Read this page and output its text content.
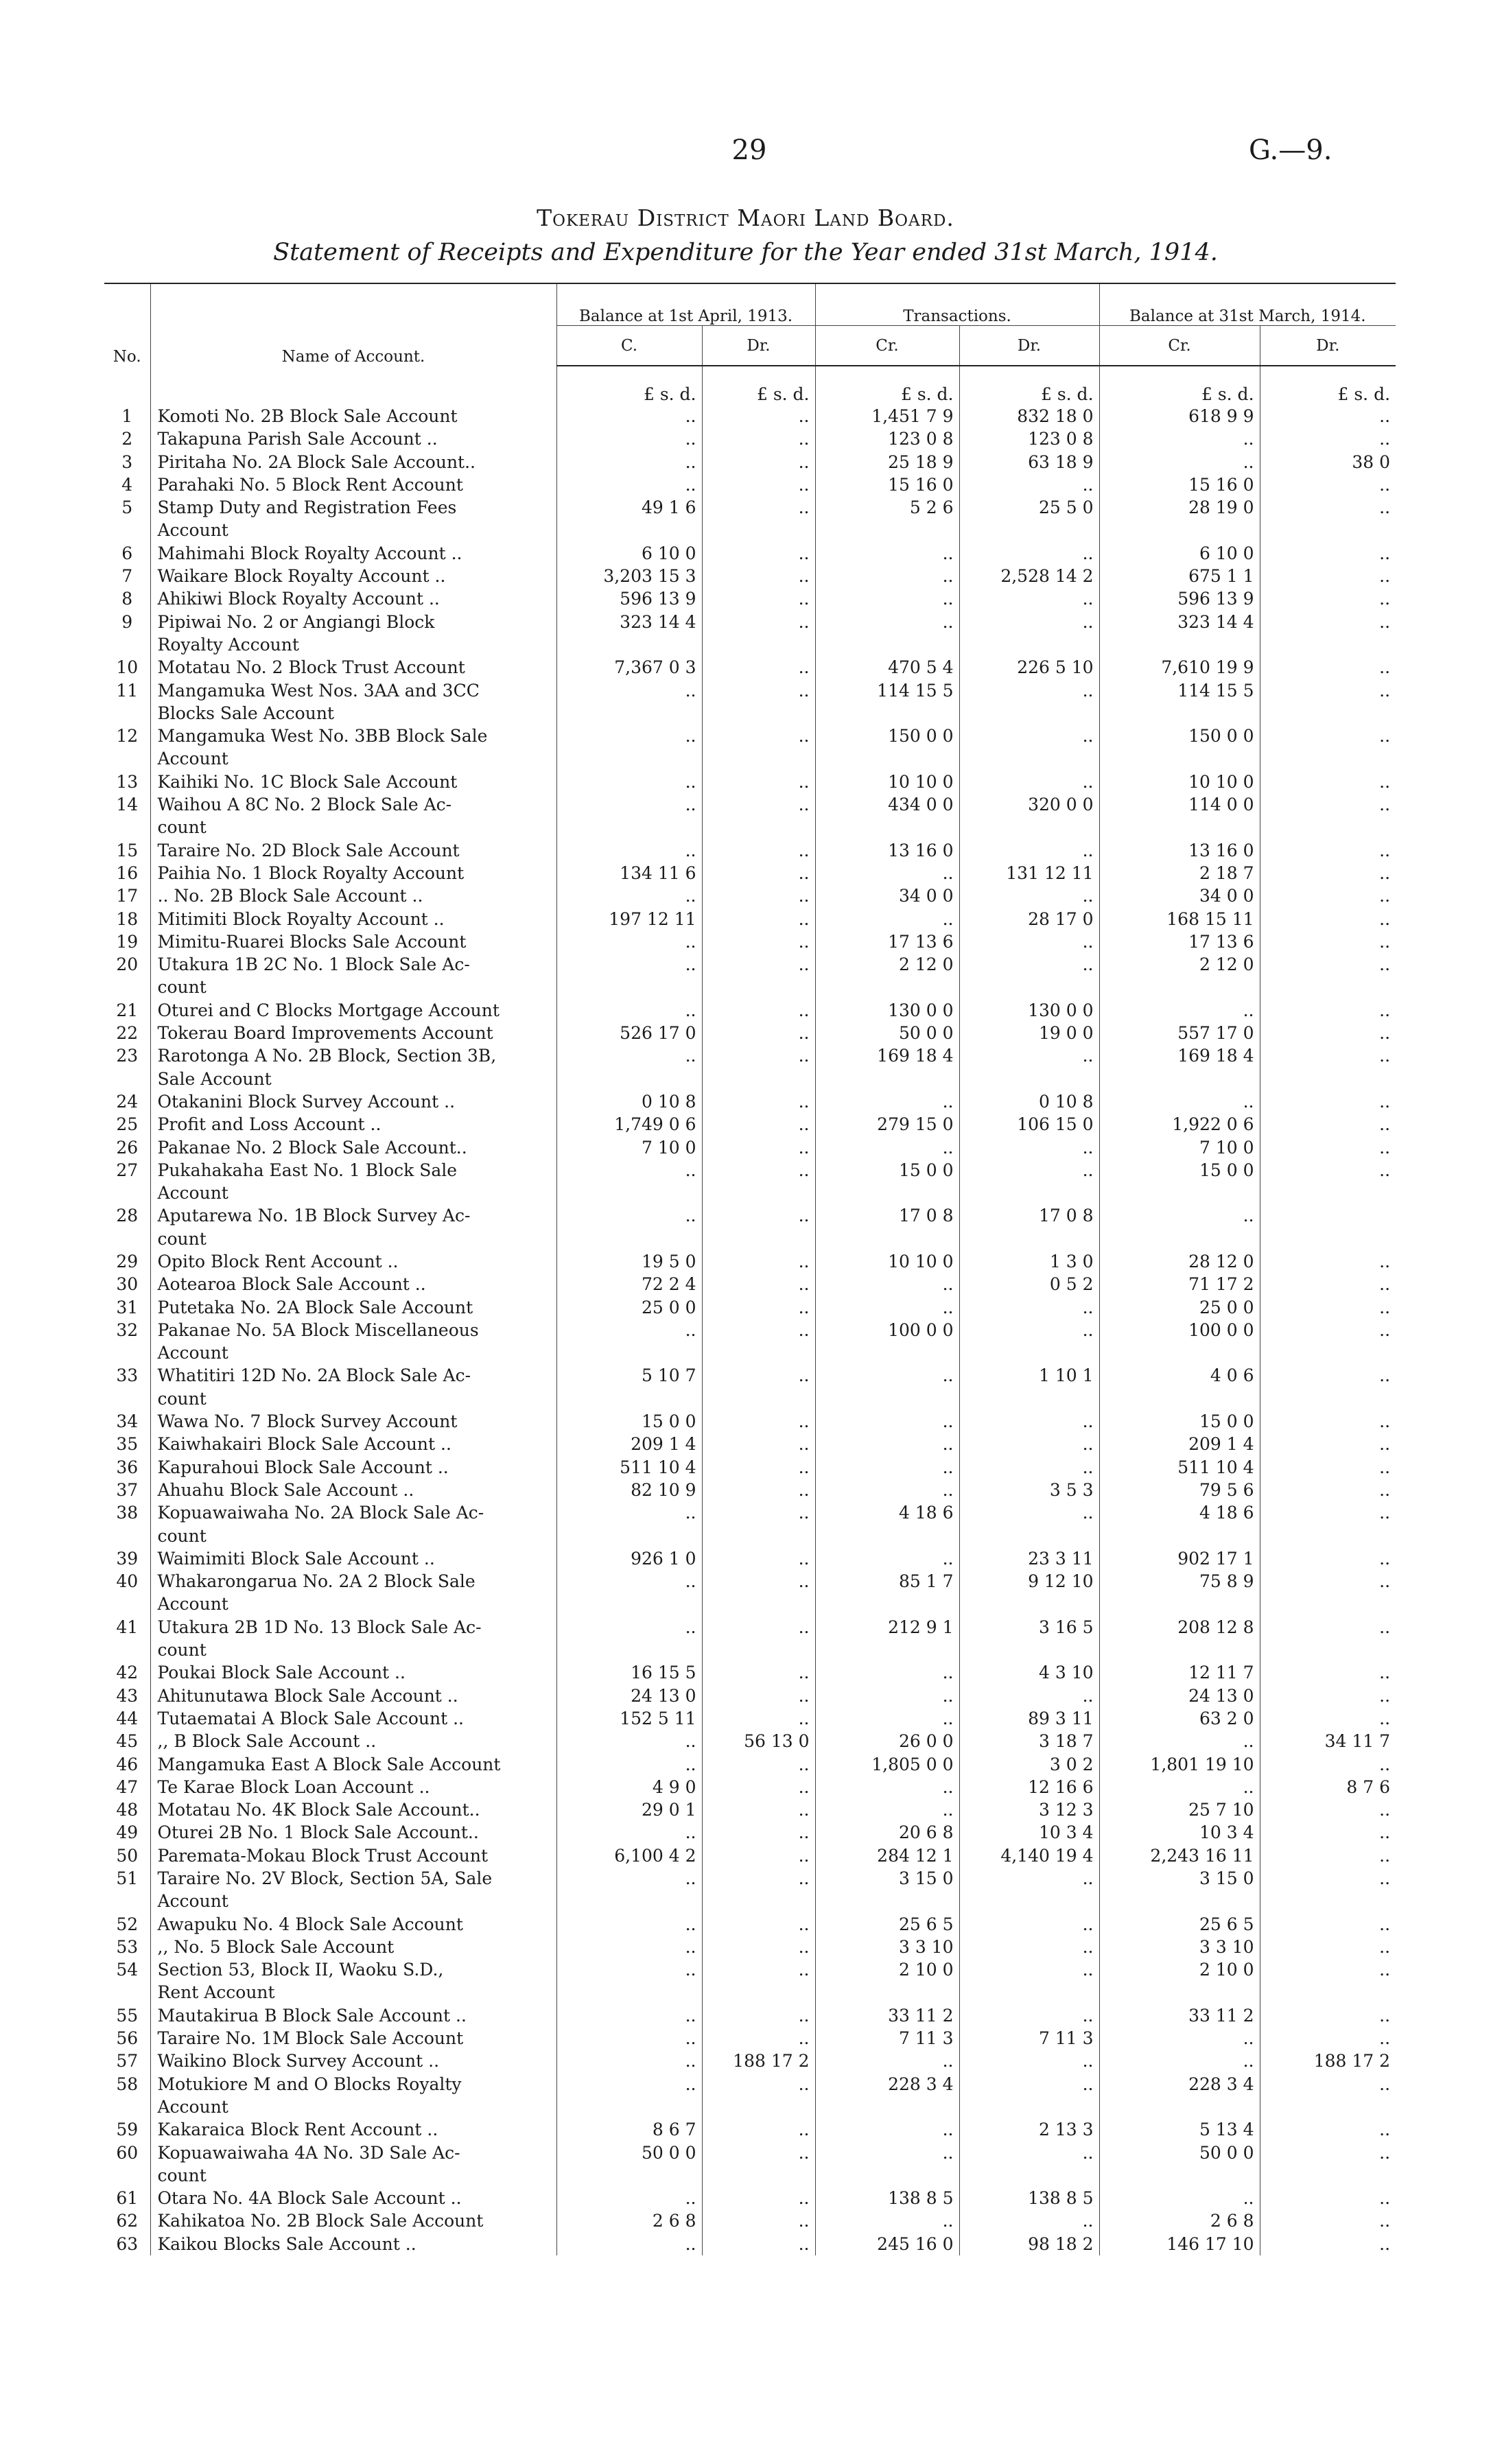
29	G.—9.
Tokerau District Maori Land Board.
Statement of Receipts and Expenditure for the Year ended 31st March, 1914.
No.	Name of Account.	Balance at 1st April, 1913.		Transactions.		Balance at 31st March, 1914.	
		C.	Dr.	Cr.	Dr.	Cr.	Dr.
		£ s. d.	£ s. d.	£ s. d.	£ s. d.	£ s. d.	£ s. d.
1	Komoti No. 2B Block Sale Account	..	..	1,451 7 9	832 18 0	618 9 9	..
2	Takapuna Parish Sale Account ..	..	..	123 0 8	123 0 8	..	..
3	Piritaha No. 2A Block Sale Account..	..	..	25 18 9	63 18 9	..	38 0
4	Parahaki No. 5 Block Rent Account	..	..	15 16 0	..	15 16 0	..
5	Stamp Duty and Registration Fees	49 1 6	..	5 2 6	25 5 0	28 19 0	..
	Account						
6	Mahimahi Block Royalty Account ..	6 10 0	..	..	..	6 10 0	..
7	Waikare Block Royalty Account ..	3,203 15 3	..	..	2,528 14 2	675 1 1	..
8	Ahikiwi Block Royalty Account ..	596 13 9	..	..	..	596 13 9	..
9	Pipiwai No. 2 or Angiangi Block	323 14 4	..	..	..	323 14 4	..
	Royalty Account						
10	Motatau No. 2 Block Trust Account	7,367 0 3	..	470 5 4	226 5 10	7,610 19 9	..
11	Mangamuka West Nos. 3AA and 3CC	..	..	114 15 5	..	114 15 5	..
	Blocks Sale Account						
12	Mangamuka West No. 3BB Block Sale	..	..	150 0 0	..	150 0 0	..
	Account						
13	Kaihiki No. 1C Block Sale Account	..	..	10 10 0	..	10 10 0	..
14	Waihou A 8C No. 2 Block Sale Ac-	..	..	434 0 0	320 0 0	114 0 0	..
	count						
15	Taraire No. 2D Block Sale Account	..	..	13 16 0	..	13 16 0	..
16	Paihia No. 1 Block Royalty Account	134 11 6	..	..	131 12 11	2 18 7	..
17	.. No. 2B Block Sale Account ..	..	..	34 0 0	..	34 0 0	..
18	Mitimiti Block Royalty Account ..	197 12 11	..	..	28 17 0	168 15 11	..
19	Mimitu-Ruarei Blocks Sale Account	..	..	17 13 6	..	17 13 6	..
20	Utakura 1B 2C No. 1 Block Sale Ac-	..	..	2 12 0	..	2 12 0	..
	count						
21	Oturei and C Blocks Mortgage Account	..	..	130 0 0	130 0 0	..	..
22	Tokerau Board Improvements Account	526 17 0	..	50 0 0	19 0 0	557 17 0	..
23	Rarotonga A No. 2B Block, Section 3B,	..	..	169 18 4	..	169 18 4	..
	Sale Account						
24	Otakanini Block Survey Account ..	0 10 8	..	..	0 10 8	..	..
25	Profit and Loss Account ..	1,749 0 6	..	279 15 0	106 15 0	1,922 0 6	..
26	Pakanae No. 2 Block Sale Account..	7 10 0	..	..	..	7 10 0	..
27	Pukahakaha East No. 1 Block Sale	..	..	15 0 0	..	15 0 0	..
	Account						
28	Aputarewa No. 1B Block Survey Ac-	..	..	17 0 8	17 0 8	..	
	count						
29	Opito Block Rent Account ..	19 5 0	..	10 10 0	1 3 0	28 12 0	..
30	Aotearoa Block Sale Account ..	72 2 4	..	..	0 5 2	71 17 2	..
31	Putetaka No. 2A Block Sale Account	25 0 0	..	..	..	25 0 0	..
32	Pakanae No. 5A Block Miscellaneous	..	..	100 0 0	..	100 0 0	..
	Account						
33	Whatitiri 12D No. 2A Block Sale Ac-	5 10 7	..	..	1 10 1	4 0 6	..
	count						
34	Wawa No. 7 Block Survey Account	15 0 0	..	..	..	15 0 0	..
35	Kaiwhakairi Block Sale Account ..	209 1 4	..	..	..	209 1 4	..
36	Kapurahoui Block Sale Account ..	511 10 4	..	..	..	511 10 4	..
37	Ahuahu Block Sale Account ..	82 10 9	..	..	3 5 3	79 5 6	..
38	Kopuawaiwaha No. 2A Block Sale Ac-	..	..	4 18 6	..	4 18 6	..
	count						
39	Waimimiti Block Sale Account ..	926 1 0	..	..	23 3 11	902 17 1	..
40	Whakarongarua No. 2A 2 Block Sale	..	..	85 1 7	9 12 10	75 8 9	..
	Account						
41	Utakura 2B 1D No. 13 Block Sale Ac-	..	..	212 9 1	3 16 5	208 12 8	..
	count						
42	Poukai Block Sale Account ..	16 15 5	..	..	4 3 10	12 11 7	..
43	Ahitunutawa Block Sale Account ..	24 13 0	..	..	..	24 13 0	..
44	Tutaematai A Block Sale Account ..	152 5 11	..	..	89 3 11	63 2 0	..
45	,, B Block Sale Account ..	..	56 13 0	26 0 0	3 18 7	..	34 11 7
46	Mangamuka East A Block Sale Account	..	..	1,805 0 0	3 0 2	1,801 19 10	..
47	Te Karae Block Loan Account ..	4 9 0	..	..	12 16 6	..	8 7 6
48	Motatau No. 4K Block Sale Account..	29 0 1	..	..	3 12 3	25 7 10	..
49	Oturei 2B No. 1 Block Sale Account..	..	..	20 6 8	10 3 4	10 3 4	..
50	Paremata-Mokau Block Trust Account	6,100 4 2	..	284 12 1	4,140 19 4	2,243 16 11	..
51	Taraire No. 2V Block, Section 5A, Sale	..	..	3 15 0	..	3 15 0	..
	Account						
52	Awapuku No. 4 Block Sale Account	..	..	25 6 5	..	25 6 5	..
53	,, No. 5 Block Sale Account	..	..	3 3 10	..	3 3 10	..
54	Section 53, Block II, Waoku S.D.,	..	..	2 10 0	..	2 10 0	..
	Rent Account						
55	Mautakirua B Block Sale Account ..	..	..	33 11 2	..	33 11 2	..
56	Taraire No. 1M Block Sale Account	..	..	7 11 3	7 11 3	..	..
57	Waikino Block Survey Account ..	..	188 17 2	..	..	..	188 17 2
58	Motukiore M and O Blocks Royalty	..	..	228 3 4	..	228 3 4	..
	Account						
59	Kakaraica Block Rent Account ..	8 6 7	..	..	2 13 3	5 13 4	..
60	Kopuawaiwaha 4A No. 3D Sale Ac-	50 0 0	..	..	..	50 0 0	..
	count						
61	Otara No. 4A Block Sale Account ..	..	..	138 8 5	138 8 5	..	..
62	Kahikatoa No. 2B Block Sale Account	2 6 8	..	..	..	2 6 8	..
63	Kaikou Blocks Sale Account ..	..	..	245 16 0	98 18 2	146 17 10	..
